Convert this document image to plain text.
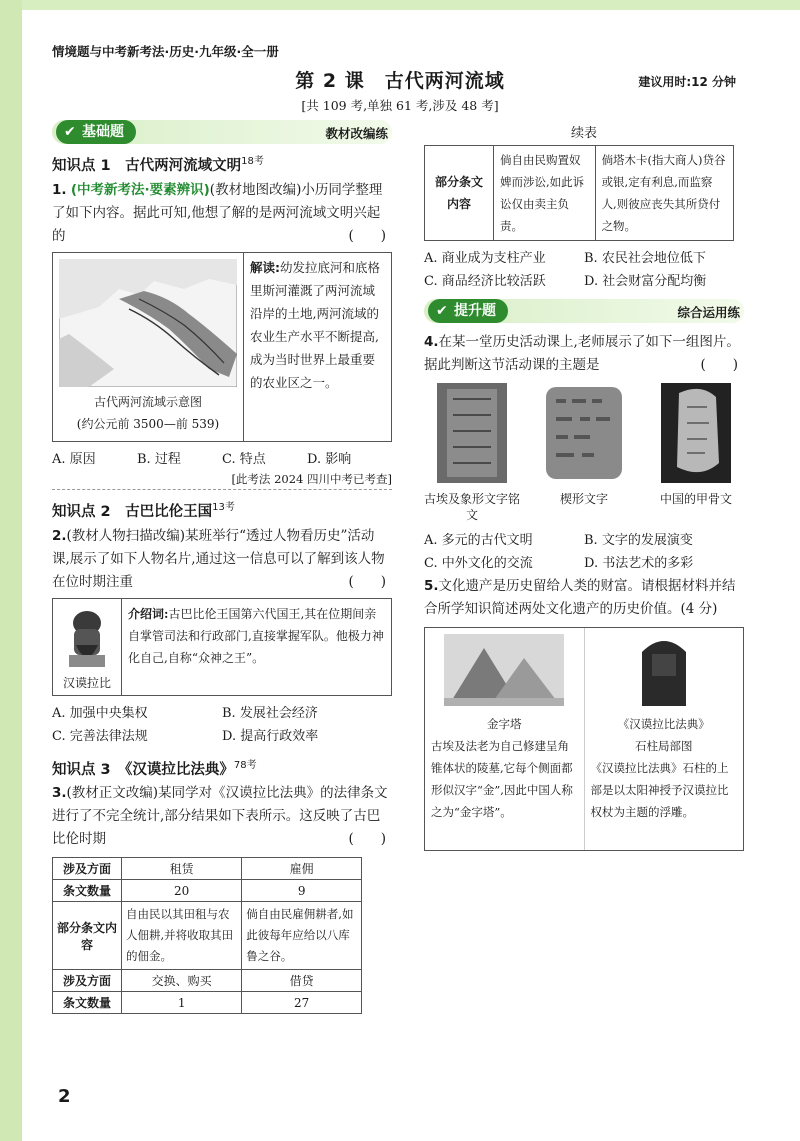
情境题与中考新考法·历史·九年级·全一册
第 2 课　古代两河流域	建议用时:12 分钟
[共 109 考,单独 61 考,涉及 48 考]
✔ 基础题	教材改编练
知识点 1　古代两河流域文明$^{18考}$
1. (中考新考法·要素辨识)(教材地图改编)小历同学整理了如下内容。据此可知,他想了解的是两河流域文明兴起的	(　　)
古代两河流域示意图
(约公元前 3500—前 539)
解读:幼发拉底河和底格里斯河灌溉了两河流域沿岸的土地,两河流域的农业生产水平不断提高,成为当时世界上最重要的农业区之一。
A. 原因	B. 过程	C. 特点	D. 影响
[此考法 2024 四川中考已考查]
知识点 2　古巴比伦王国$^{13考}$
2.(教材人物扫描改编)某班举行“透过人物看历史”活动课,展示了如下人物名片,通过这一信息可以了解到该人物在位时期注重	(　　)
汉谟拉比
介绍词:古巴比伦王国第六代国王,其在位期间亲自掌管司法和行政部门,直接掌握军队。他极力神化自己,自称“众神之王”。
A. 加强中央集权	B. 发展社会经济
C. 完善法律法规	D. 提高行政效率
知识点 3　《汉谟拉比法典》$^{78考}$
3.(教材正文改编)某同学对《汉谟拉比法典》的法律条文进行了不完全统计,部分结果如下表所示。这反映了古巴比伦时期	(　　)
涉及方面	租赁	雇佣
条文数量	20	9
部分条文内容	自由民以其田租与农人佃耕,并将收取其田的佃金。	倘自由民雇佣耕者,如此彼每年应给以八库鲁之谷。
涉及方面	交换、购买	借贷
条文数量	1	27
续表
部分条文内容	倘自由民购置奴婢而涉讼,如此诉讼仅由卖主负责。	倘塔木卡(指大商人)贷谷或银,定有利息,而监察人,则彼应丧失其所贷付之物。
A. 商业成为支柱产业	B. 农民社会地位低下
C. 商品经济比较活跃	D. 社会财富分配均衡
✔ 提升题	综合运用练
4.在某一堂历史活动课上,老师展示了如下一组图片。据此判断这节活动课的主题是	(　　)
古埃及象形文字铭文
楔形文字	中国的甲骨文
A. 多元的古代文明	B. 文字的发展演变
C. 中外文化的交流	D. 书法艺术的多彩
5.文化遗产是历史留给人类的财富。请根据材料并结合所学知识简述两处文化遗产的历史价值。(4 分)
金字塔
古埃及法老为自己修建呈角锥体状的陵墓,它每个侧面都形似汉字“金”,因此中国人称之为“金字塔”。
《汉谟拉比法典》
石柱局部图
《汉谟拉比法典》石柱的上部是以太阳神授予汉谟拉比权杖为主题的浮雕。
2
